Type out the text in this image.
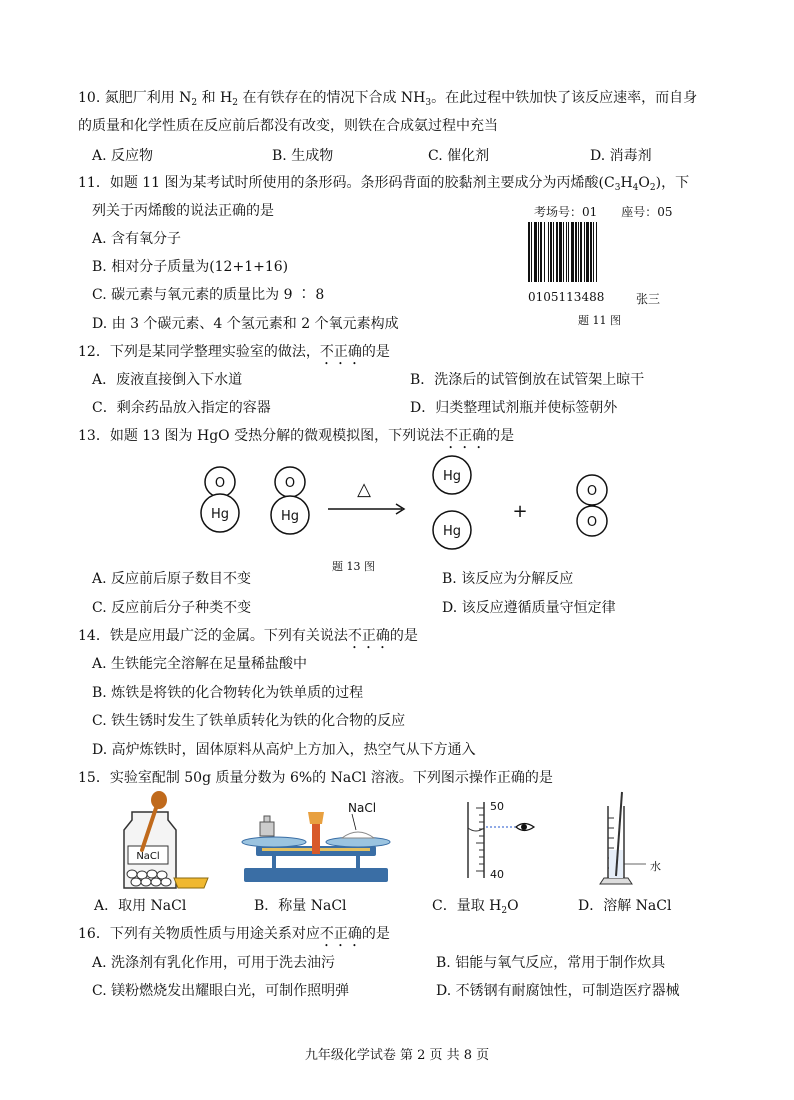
10. 氮肥厂利用 $N_2$ 和 $H_2$ 在有铁存在的情况下合成 $NH_3$。在此过程中铁加快了该反应速率，而自身
的质量和化学性质在反应前后都没有改变，则铁在合成氨过程中充当
A. 反应物	B. 生成物	C. 催化剂	D. 消毒剂
11．如题 11 图为某考试时所使用的条形码。条形码背面的胶黏剂主要成分为丙烯酸$(C_3H_4O_2)$，下
列关于丙烯酸的说法正确的是
A. 含有氧分子
B. 相对分子质量为(12+1+16)
C. 碳元素与氧元素的质量比为 9 ∶ 8
D. 由 3 个碳元素、4 个氢元素和 2 个氧元素构成
考场号：01　　座号：05
0105113488	张三
题 11 图
12．下列是某同学整理实验室的做法，不正确的是
A．废液直接倒入下水道	B．洗涤后的试管倒放在试管架上晾干
C．剩余药品放入指定的容器	D．归类整理试剂瓶并使标签朝外
13．如题 13 图为 HgO 受热分解的微观模拟图，下列说法不正确的是
O
Hg
O
Hg
Hg
Hg
O
O
△
+
题 13 图
A. 反应前后原子数目不变	B. 该反应为分解反应
C. 反应前后分子种类不变	D. 该反应遵循质量守恒定律
14．铁是应用最广泛的金属。下列有关说法不正确的是
A. 生铁能完全溶解在足量稀盐酸中
B. 炼铁是将铁的化合物转化为铁单质的过程
C. 铁生锈时发生了铁单质转化为铁的化合物的反应
D. 高炉炼铁时，固体原料从高炉上方加入，热空气从下方通入
15．实验室配制 50g 质量分数为 6%的 NaCl 溶液。下列图示操作正确的是
NaCl
NaCl	50
40
水
A．取用 NaCl	B．称量 NaCl	C．量取 $H_2O$	D．溶解 NaCl
16．下列有关物质性质与用途关系对应不正确的是
A. 洗涤剂有乳化作用，可用于洗去油污	B. 铝能与氧气反应，常用于制作炊具
C. 镁粉燃烧发出耀眼白光，可制作照明弹	D. 不锈钢有耐腐蚀性，可制造医疗器械
九年级化学试卷 第 2 页 共 8 页
